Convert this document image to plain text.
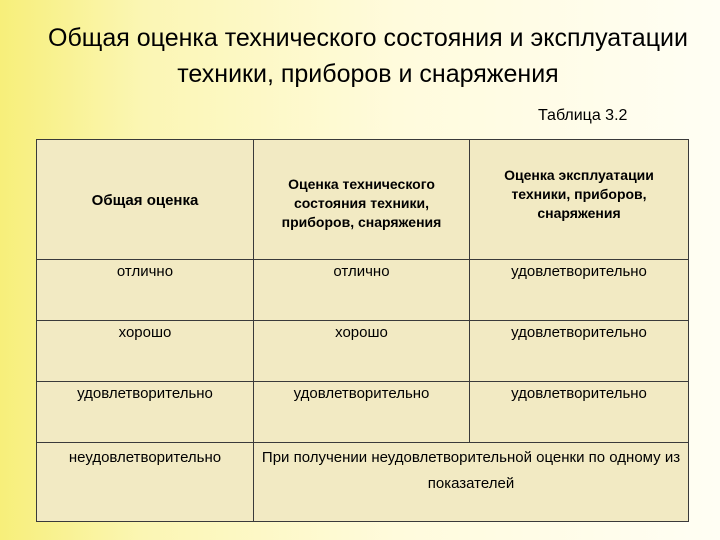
Общая оценка технического состояния и эксплуатации техники, приборов и снаряжения
Таблица 3.2
Общая оценка	Оценка технического состояния техники, приборов, снаряжения	Оценка эксплуатации техники, приборов, снаряжения
отлично	отлично	удовлетворительно
хорошо	хорошо	удовлетворительно
удовлетворительно	удовлетворительно	удовлетворительно
неудовлетворительно	При получении неудовлетворительной оценки по одному из показателей	
